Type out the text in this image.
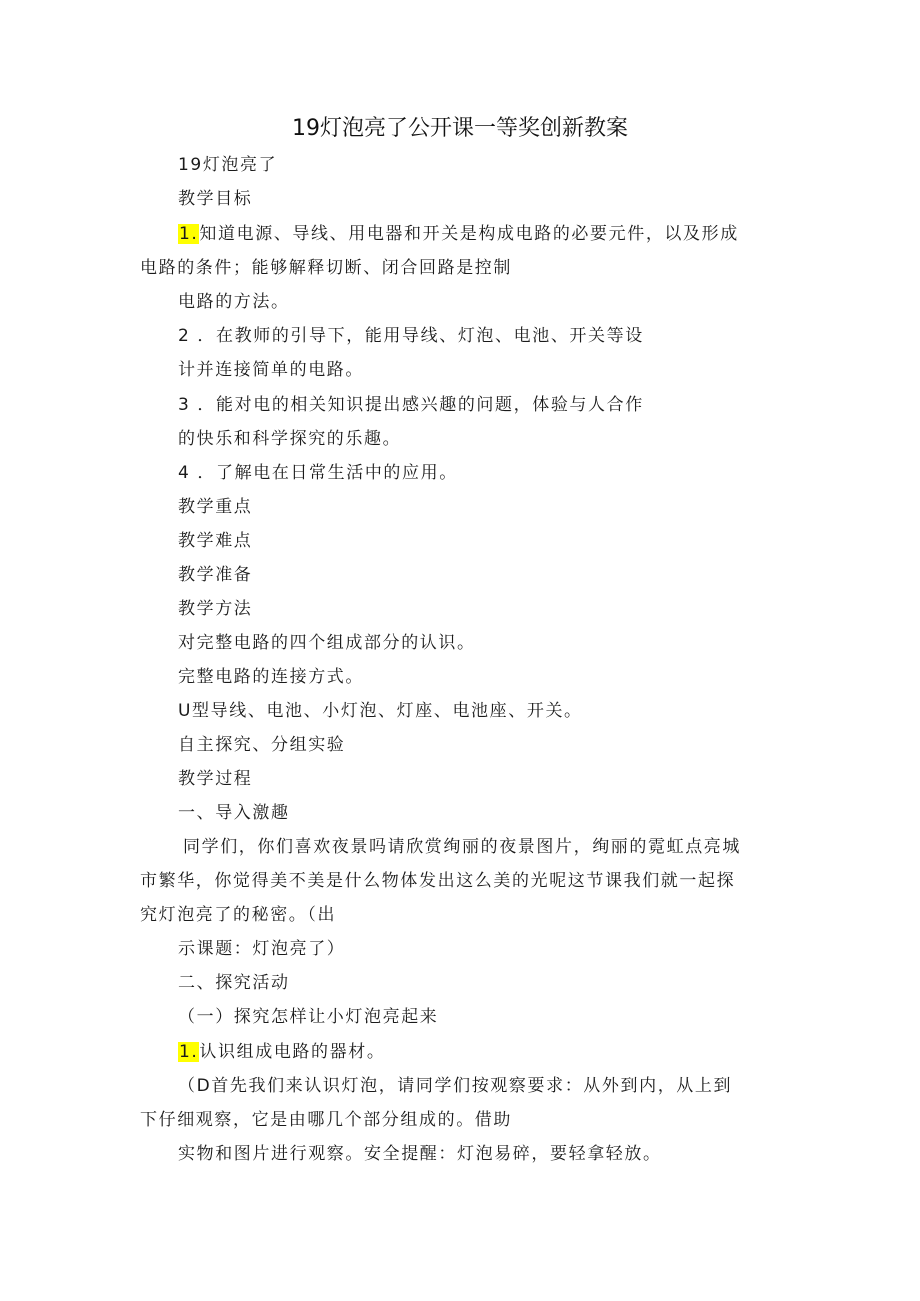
19灯泡亮了公开课一等奖创新教案
19灯泡亮了
教学目标
1.知道电源、导线、用电器和开关是构成电路的必要元件，以及形成
电路的条件；能够解释切断、闭合回路是控制
电路的方法。
2 ．在教师的引导下，能用导线、灯泡、电池、开关等设
计并连接简单的电路。
3 ．能对电的相关知识提出感兴趣的问题，体验与人合作
的快乐和科学探究的乐趣。
4 ．了解电在日常生活中的应用。
教学重点
教学难点
教学准备
教学方法
对完整电路的四个组成部分的认识。
完整电路的连接方式。
U型导线、电池、小灯泡、灯座、电池座、开关。
自主探究、分组实验
教学过程
一、导入激趣
同学们，你们喜欢夜景吗请欣赏绚丽的夜景图片，绚丽的霓虹点亮城
市繁华，你觉得美不美是什么物体发出这么美的光呢这节课我们就一起探
究灯泡亮了的秘密。（出
示课题：灯泡亮了）
二、探究活动
（一）探究怎样让小灯泡亮起来
1.认识组成电路的器材。
（D首先我们来认识灯泡，请同学们按观察要求：从外到内，从上到
下仔细观察，它是由哪几个部分组成的。借助
实物和图片进行观察。安全提醒：灯泡易碎，要轻拿轻放。
